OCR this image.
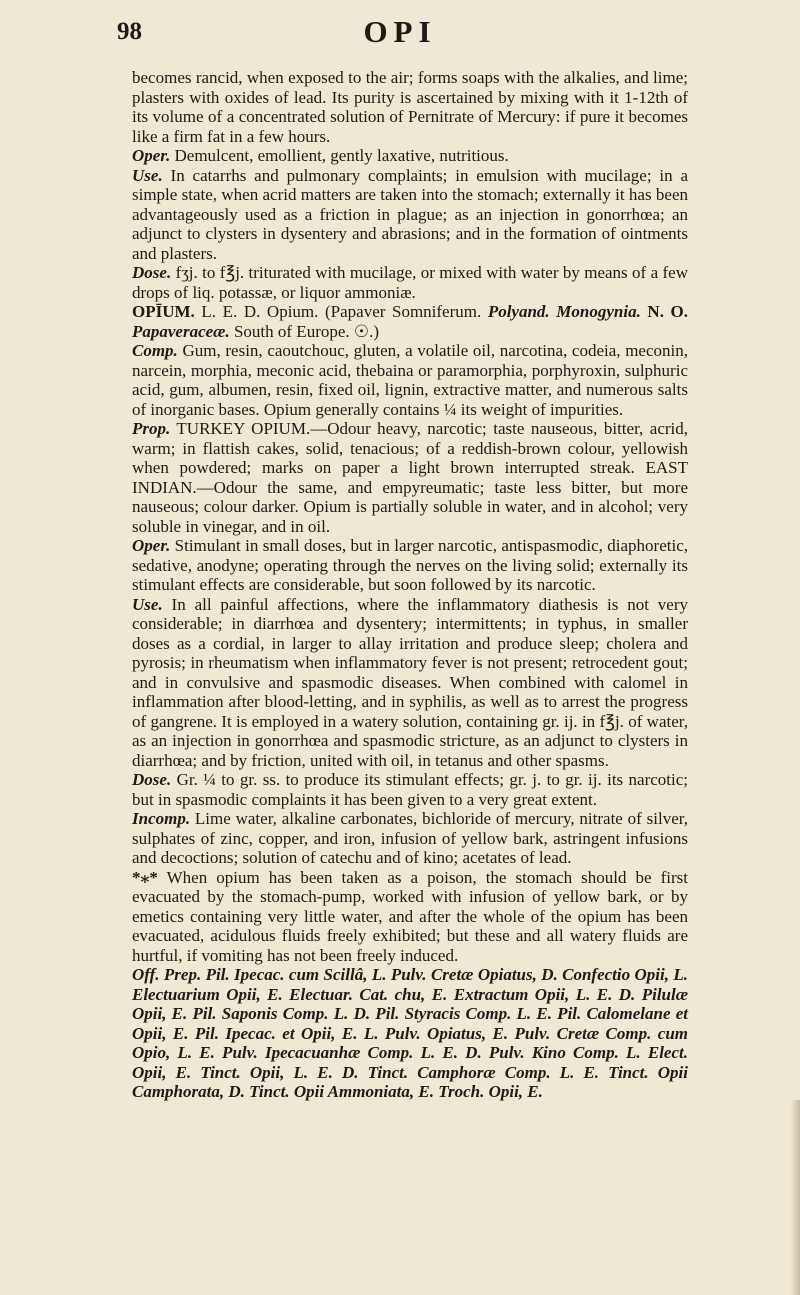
98	OPI

becomes rancid, when exposed to the air; forms soaps with the alkalies, and lime; plasters with oxides of lead. Its purity is ascertained by mixing with it 1-12th of its volume of a concentrated solution of Pernitrate of Mercury: if pure it becomes like a firm fat in a few hours.

Oper. Demulcent, emollient, gently laxative, nutritious.

Use. In catarrhs and pulmonary complaints; in emulsion with mucilage; in a simple state, when acrid matters are taken into the stomach; externally it has been advantageously used as a friction in plague; as an injection in gonorrhœa; an adjunct to clysters in dysentery and abrasions; and in the formation of ointments and plasters.

Dose. fʒj. to f℥j. triturated with mucilage, or mixed with water by means of a few drops of liq. potassæ, or liquor ammoniæ.

OPĪUM. L. E. D. Opium. (Papaver Somniferum. Polyand. Monogynia. N. O. Papaveraceæ. South of Europe. ☉.)

Comp. Gum, resin, caoutchouc, gluten, a volatile oil, narcotina, codeia, meconin, narcein, morphia, meconic acid, thebaina or paramorphia, porphyroxin, sulphuric acid, gum, albumen, resin, fixed oil, lignin, extractive matter, and numerous salts of inorganic bases. Opium generally contains ¼ its weight of impurities.

Prop. TURKEY OPIUM.—Odour heavy, narcotic; taste nauseous, bitter, acrid, warm; in flattish cakes, solid, tenacious; of a reddish-brown colour, yellowish when powdered; marks on paper a light brown interrupted streak. EAST INDIAN.—Odour the same, and empyreumatic; taste less bitter, but more nauseous; colour darker. Opium is partially soluble in water, and in alcohol; very soluble in vinegar, and in oil.

Oper. Stimulant in small doses, but in larger narcotic, antispasmodic, diaphoretic, sedative, anodyne; operating through the nerves on the living solid; externally its stimulant effects are considerable, but soon followed by its narcotic.

Use. In all painful affections, where the inflammatory diathesis is not very considerable; in diarrhœa and dysentery; intermittents; in typhus, in smaller doses as a cordial, in larger to allay irritation and produce sleep; cholera and pyrosis; in rheumatism when inflammatory fever is not present; retrocedent gout; and in convulsive and spasmodic diseases. When combined with calomel in inflammation after blood-letting, and in syphilis, as well as to arrest the progress of gangrene. It is employed in a watery solution, containing gr. ij. in f℥j. of water, as an injection in gonorrhœa and spasmodic stricture, as an adjunct to clysters in diarrhœa; and by friction, united with oil, in tetanus and other spasms.

Dose. Gr. ¼ to gr. ss. to produce its stimulant effects; gr. j. to gr. ij. its narcotic; but in spasmodic complaints it has been given to a very great extent.

Incomp. Lime water, alkaline carbonates, bichloride of mercury, nitrate of silver, sulphates of zinc, copper, and iron, infusion of yellow bark, astringent infusions and decoctions; solution of catechu and of kino; acetates of lead.

*⁎* When opium has been taken as a poison, the stomach should be first evacuated by the stomach-pump, worked with infusion of yellow bark, or by emetics containing very little water, and after the whole of the opium has been evacuated, acidulous fluids freely exhibited; but these and all watery fluids are hurtful, if vomiting has not been freely induced.

Off. Prep. Pil. Ipecac. cum Scillâ, L. Pulv. Cretæ Opiatus, D. Confectio Opii, L. Electuarium Opii, E. Electuar. Cat. chu, E. Extractum Opii, L. E. D. Pilulæ Opii, E. Pil. Saponis Comp. L. D. Pil. Styracis Comp. L. E. Pil. Calomelane et Opii, E. Pil. Ipecac. et Opii, E. L. Pulv. Opiatus, E. Pulv. Cretæ Comp. cum Opio, L. E. Pulv. Ipecacuanhæ Comp. L. E. D. Pulv. Kino Comp. L. Elect. Opii, E. Tinct. Opii, L. E. D. Tinct. Camphoræ Comp. L. E. Tinct. Opii Camphorata, D. Tinct. Opii Ammoniata, E. Troch. Opii, E.
